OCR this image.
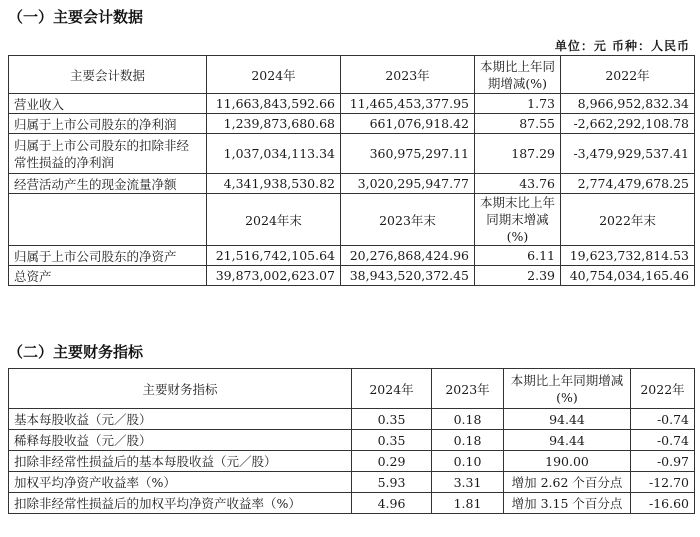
（一）主要会计数据
单位：元 币种：人民币
主要会计数据	2024年	2023年	本期比上年同期增减(%)	2022年
营业收入	11,663,843,592.66	11,465,453,377.95	1.73	8,966,952,832.34
归属于上市公司股东的净利润	1,239,873,680.68	661,076,918.42	87.55	-2,662,292,108.78
归属于上市公司股东的扣除非经常性损益的净利润	1,037,034,113.34	360,975,297.11	187.29	-3,479,929,537.41
经营活动产生的现金流量净额	4,341,938,530.82	3,020,295,947.77	43.76	2,774,479,678.25
	2024年末	2023年末	本期末比上年同期末增减(%)	2022年末
归属于上市公司股东的净资产	21,516,742,105.64	20,276,868,424.96	6.11	19,623,732,814.53
总资产	39,873,002,623.07	38,943,520,372.45	2.39	40,754,034,165.46
（二）主要财务指标
主要财务指标	2024年	2023年	本期比上年同期增减(%)	2022年
基本每股收益（元／股）	0.35	0.18	94.44	-0.74
稀释每股收益（元／股）	0.35	0.18	94.44	-0.74
扣除非经常性损益后的基本每股收益（元／股）	0.29	0.10	190.00	-0.97
加权平均净资产收益率（%）	5.93	3.31	增加 2.62 个百分点	-12.70
扣除非经常性损益后的加权平均净资产收益率（%）	4.96	1.81	增加 3.15 个百分点	-16.60
